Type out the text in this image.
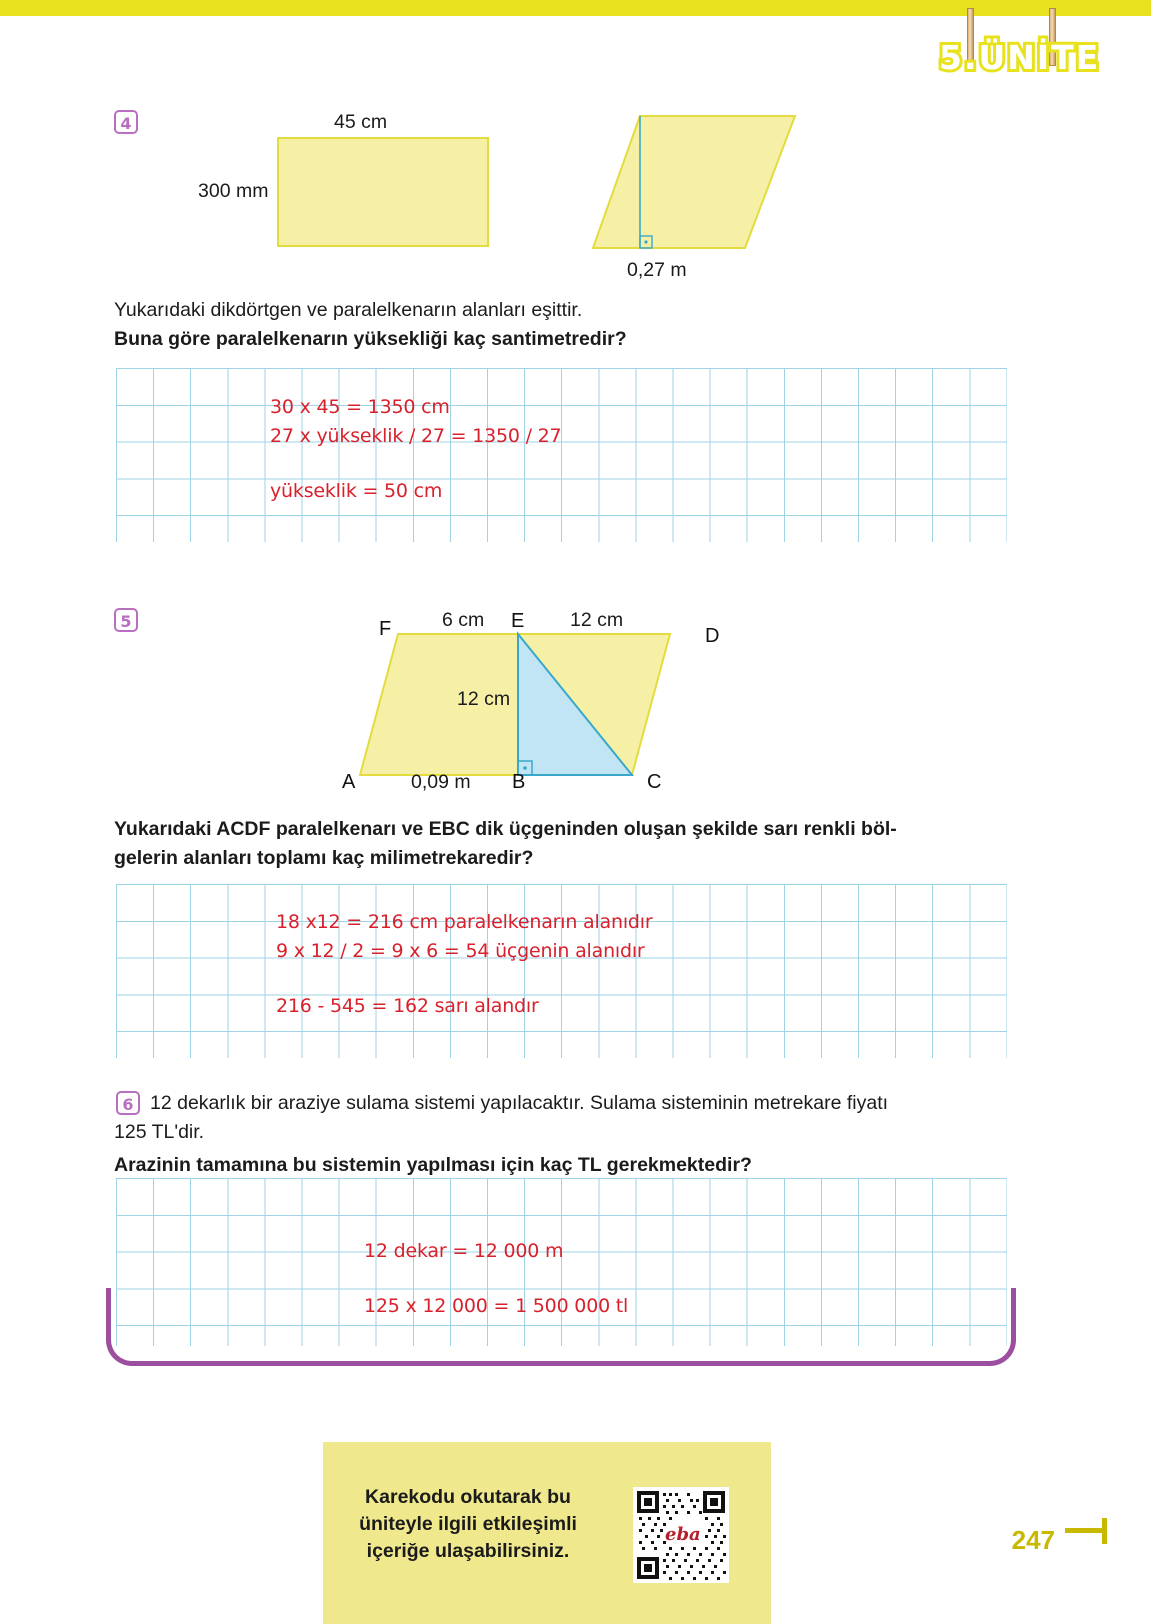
5.ÜNİTE
4	45 cm
300 mm
0,27 m
Yukarıdaki dikdörtgen ve paralelkenarın alanları eşittir.
Buna göre paralelkenarın yüksekliği kaç santimetredir?
30 x 45 = 1350 cm
27 x yükseklik / 27 = 1350 / 27
yükseklik = 50 cm
5	F	E
D
A	B	C
6 cm	12 cm
12 cm
0,09 m
Yukarıdaki ACDF paralelkenarı ve EBC dik üçgeninden oluşan şekilde sarı renkli böl-
gelerin alanları toplamı kaç milimetrekaredir?
18 x12 = 216 cm paralelkenarın alanıdır
9 x 12 / 2 = 9 x 6 = 54 üçgenin alanıdır
216 - 545 = 162 sarı alandır
6 12 dekarlık bir araziye sulama sistemi yapılacaktır. Sulama sisteminin metrekare fiyatı
125 TL'dir.
Arazinin tamamına bu sistemin yapılması için kaç TL gerekmektedir?
12 dekar = 12 000 m
125 x 12 000 = 1 500 000 tl
Karekodu okutarak bu
üniteyle ilgili etkileşimli
içeriğe ulaşabilirsiniz.
eba	247
